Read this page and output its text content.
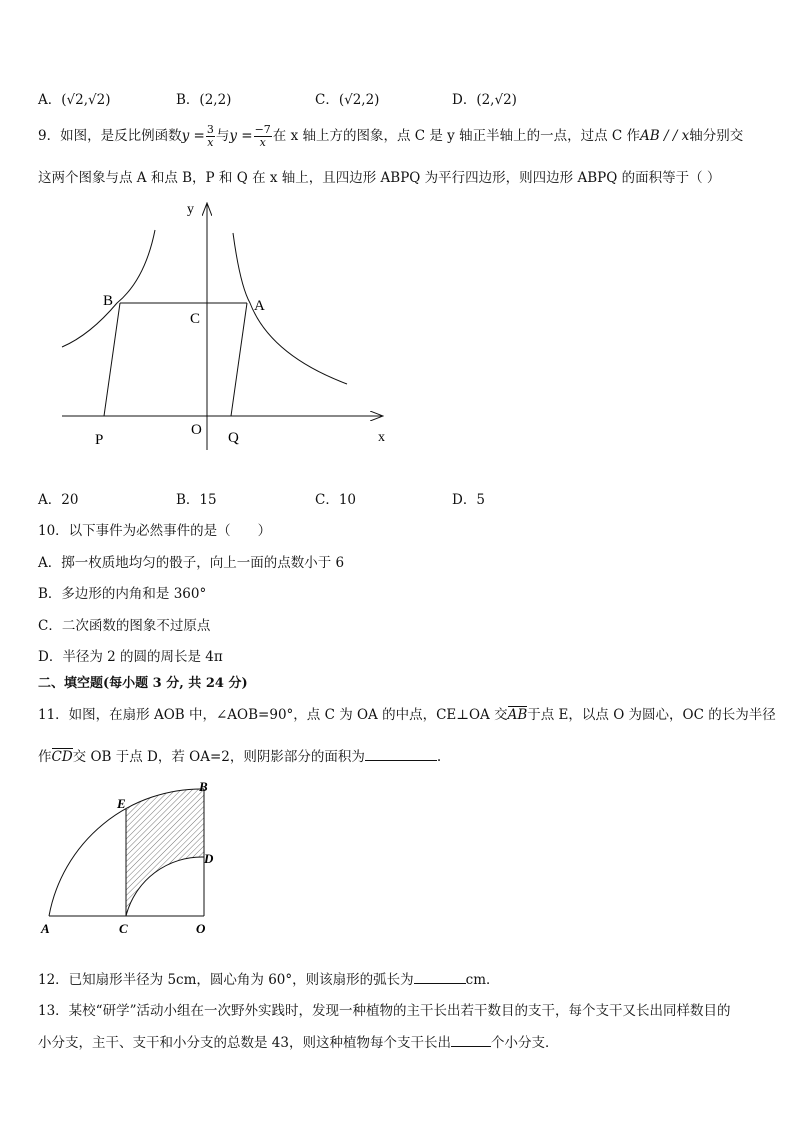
A．(√2,√2)	B．(2,2)	C．(√2,2)	D．(2,√2)
9．如图，是反比例函数$y = \frac{3}{x}$ 与$y = \frac{-7}{x}$ 在 x 轴上方的图象，点 C 是 y 轴正半轴上的一点，过点 C 作AB / / x轴分别交
这两个图象与点 A 和点 B，P 和 Q 在 x 轴上，且四边形 ABPQ 为平行四边形，则四边形 ABPQ 的面积等于（ ）
y
x
B	A
C
O
P	Q
A．20	B．15	C．10	D．5
10．以下事件为必然事件的是（　　）
A．掷一枚质地均匀的骰子，向上一面的点数小于 6
B．多边形的内角和是 360°
C．二次函数的图象不过原点
D．半径为 2 的圆的周长是 4π
二、填空题(每小题 3 分, 共 24 分)
11．如图，在扇形 AOB 中，∠AOB=90°，点 C 为 OA 的中点，CE⊥OA 交AB于点 E，以点 O 为圆心，OC 的长为半径
作CD交 OB 于点 D，若 OA=2，则阴影部分的面积为	.
E
B
D
A	C	O
12．已知扇形半径为 5cm，圆心角为 60°，则该扇形的弧长为	cm．
13．某校“研学”活动小组在一次野外实践时，发现一种植物的主干长出若干数目的支干，每个支干又长出同样数目的
小分支，主干、支干和小分支的总数是 43，则这种植物每个支干长出	个小分支．
